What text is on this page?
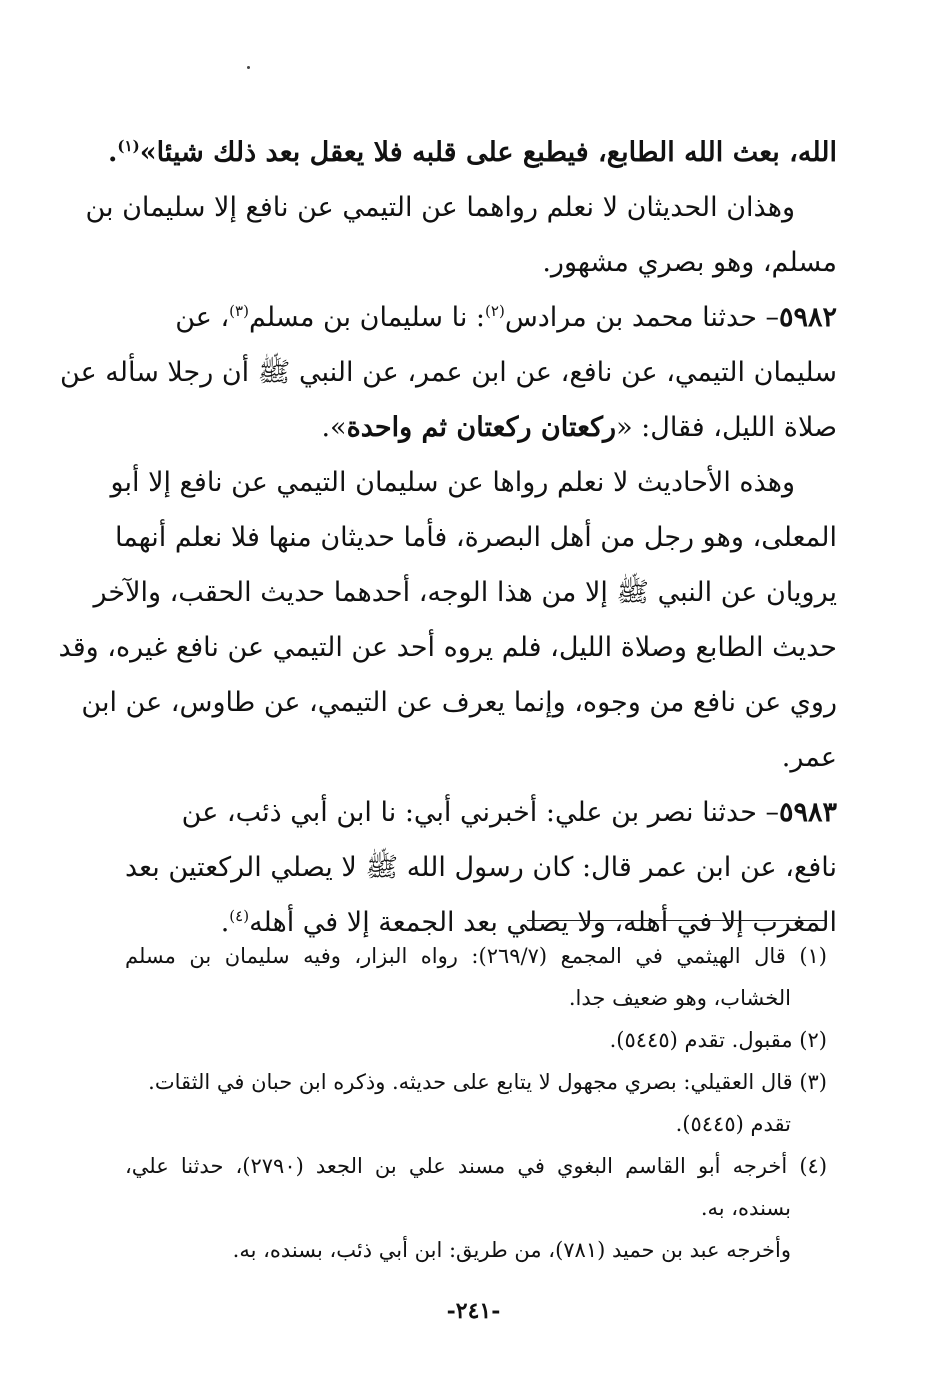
الله، بعث الله الطابع، فيطبع على قلبه فلا يعقل بعد ذلك شيئا»$^{(١)}$.
وهذان الحديثان لا نعلم رواهما عن التيمي عن نافع إلا سليمان بن
مسلم، وهو بصري مشهور.
٥٩٨٢– حدثنا محمد بن مرادس$^{(٢)}$: نا سليمان بن مسلم$^{(٣)}$، عن
سليمان التيمي، عن نافع، عن ابن عمر، عن النبي ﷺ أن رجلا سأله عن
صلاة الليل، فقال: «ركعتان ركعتان ثم واحدة».
وهذه الأحاديث لا نعلم رواها عن سليمان التيمي عن نافع إلا أبو
المعلى، وهو رجل من أهل البصرة، فأما حديثان منها فلا نعلم أنهما
يرويان عن النبي ﷺ إلا من هذا الوجه، أحدهما حديث الحقب، والآخر
حديث الطابع وصلاة الليل، فلم يروه أحد عن التيمي عن نافع غيره، وقد
روي عن نافع من وجوه، وإنما يعرف عن التيمي، عن طاوس، عن ابن
عمر.
٥٩٨٣– حدثنا نصر بن علي: أخبرني أبي: نا ابن أبي ذئب، عن
نافع، عن ابن عمر قال: كان رسول الله ﷺ لا يصلي الركعتين بعد
المغرب إلا في أهله، ولا يصلي بعد الجمعة إلا في أهله$^{(٤)}$.
(١) قال الهيثمي في المجمع (٢٦٩/٧): رواه البزار، وفيه سليمان بن مسلم
الخشاب، وهو ضعيف جدا.
(٢) مقبول. تقدم (٥٤٤٥).
(٣) قال العقيلي: بصري مجهول لا يتابع على حديثه. وذكره ابن حبان في الثقات.
تقدم (٥٤٤٥).
(٤) أخرجه أبو القاسم البغوي في مسند علي بن الجعد (٢٧٩٠)، حدثنا علي،
بسنده، به.
وأخرجه عبد بن حميد (٧٨١)، من طريق: ابن أبي ذئب، بسنده، به.
-٢٤١-
